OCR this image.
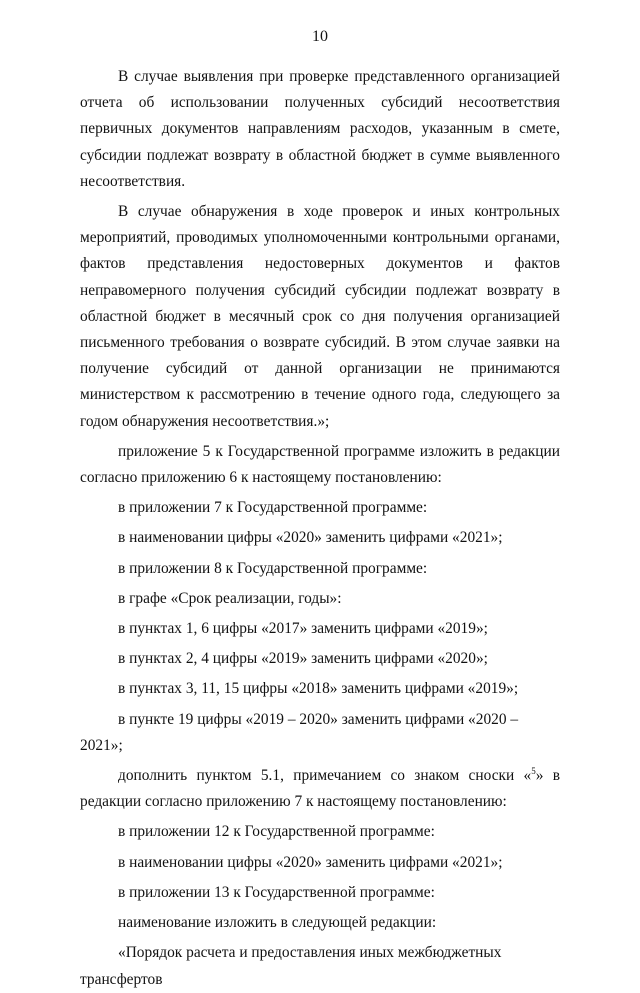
10

В случае выявления при проверке представленного организацией отчета об использовании полученных субсидий несоответствия первичных документов направлениям расходов, указанным в смете, субсидии подлежат возврату в областной бюджет в сумме выявленного несоответствия.

В случае обнаружения в ходе проверок и иных контрольных мероприятий, проводимых уполномоченными контрольными органами, фактов представления недостоверных документов и фактов неправомерного получения субсидий субсидии подлежат возврату в областной бюджет в месячный срок со дня получения организацией письменного требования о возврате субсидий. В этом случае заявки на получение субсидий от данной организации не принимаются министерством к рассмотрению в течение одного года, следующего за годом обнаружения несоответствия.»;

приложение 5 к Государственной программе изложить в редакции согласно приложению 6 к настоящему постановлению:

в приложении 7 к Государственной программе:

в наименовании цифры «2020» заменить цифрами «2021»;

в приложении 8 к Государственной программе:

в графе «Срок реализации, годы»:

в пунктах 1, 6 цифры «2017» заменить цифрами «2019»;

в пунктах 2, 4 цифры «2019» заменить цифрами «2020»;

в пунктах 3, 11, 15 цифры «2018» заменить цифрами «2019»;

в пункте 19 цифры «2019 – 2020» заменить цифрами «2020 – 2021»;

дополнить пунктом 5.1, примечанием со знаком сноски «$^5$» в редакции согласно приложению 7 к настоящему постановлению:

в приложении 12 к Государственной программе:

в наименовании цифры «2020» заменить цифрами «2021»;

в приложении 13 к Государственной программе:

наименование изложить в следующей редакции:

«Порядок расчета и предоставления иных межбюджетных трансфертов
